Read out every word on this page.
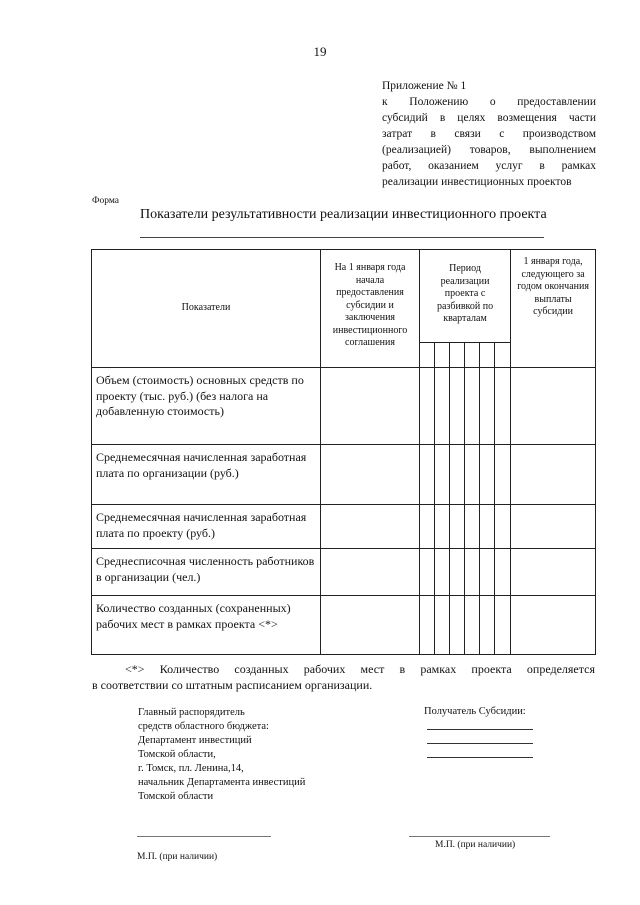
19
Приложение № 1
к Положению о предоставлении
субсидий в целях возмещения части
затрат в связи с производством
(реализацией) товаров, выполнением
работ, оказанием услуг в рамках
реализации инвестиционных проектов
Форма
Показатели результативности реализации инвестиционного проекта
Показатели	На 1 января года начала предоставления субсидии и заключения инвестиционного соглашения	Период реализации проекта с разбивкой по кварталам						1 января года, следующего за годом окончания выплаты субсидии

Объем (стоимость) основных средств по проекту (тыс. руб.) (без налога на добавленную стоимость)								
Среднемесячная начисленная заработная плата по организации (руб.)								
Среднемесячная начисленная заработная плата по проекту (руб.)								
Среднесписочная численность работников в организации (чел.)								
Количество созданных (сохраненных) рабочих мест в рамках проекта <*>								
<*> Количество созданных рабочих мест в рамках проекта определяется
в соответствии со штатным расписанием организации.
Главный распорядитель
средств областного бюджета:
Департамент инвестиций
Томской области,
г. Томск, пл. Ленина,14,
начальник Департамента инвестиций
Томской области
Получатель Субсидии:
М.П. (при наличии)
М.П. (при наличии)
